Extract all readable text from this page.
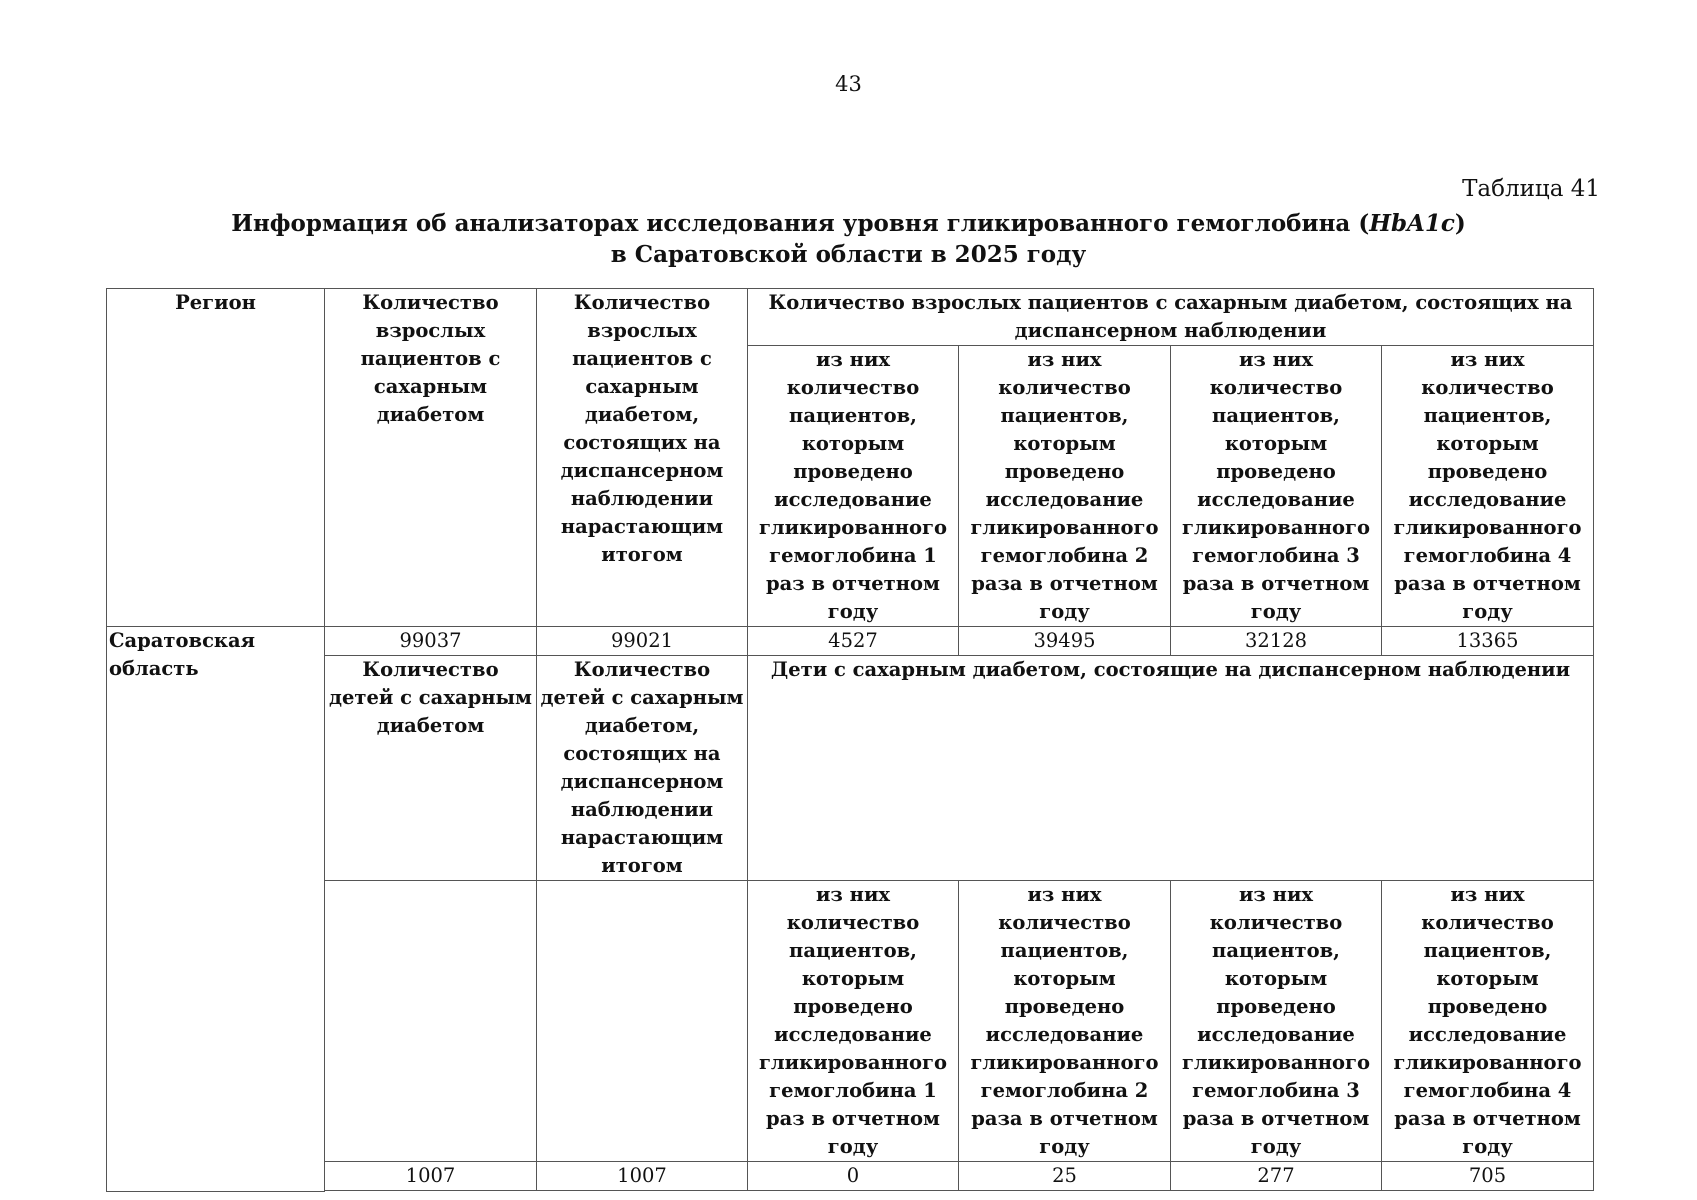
43
Таблица 41
Информация об анализаторах исследования уровня гликированного гемоглобина (HbA1c)
в Саратовской области в 2025 году
Регион	Количество взрослых пациентов с сахарным диабетом	Количество взрослых пациентов с сахарным диабетом, состоящих на диспансерном наблюдении нарастающим итогом	Количество взрослых пациентов с сахарным диабетом, состоящих на диспансерном наблюдении			
			из них количество пациентов, которым проведено исследование гликированного гемоглобина 1 раз в отчетном году	из них количество пациентов, которым проведено исследование гликированного гемоглобина 2 раза в отчетном году	из них количество пациентов, которым проведено исследование гликированного гемоглобина 3 раза в отчетном году	из них количество пациентов, которым проведено исследование гликированного гемоглобина 4 раза в отчетном году
Саратовская область	99037	99021	4527	39495	32128	13365
	Количество детей с сахарным диабетом	Количество детей с сахарным диабетом, состоящих на диспансерном наблюдении нарастающим итогом	Дети с сахарным диабетом, состоящие на диспансерном наблюдении			
			из них количество пациентов, которым проведено исследование гликированного гемоглобина 1 раз в отчетном году	из них количество пациентов, которым проведено исследование гликированного гемоглобина 2 раза в отчетном году	из них количество пациентов, которым проведено исследование гликированного гемоглобина 3 раза в отчетном году	из них количество пациентов, которым проведено исследование гликированного гемоглобина 4 раза в отчетном году
	1007	1007	0	25	277	705
